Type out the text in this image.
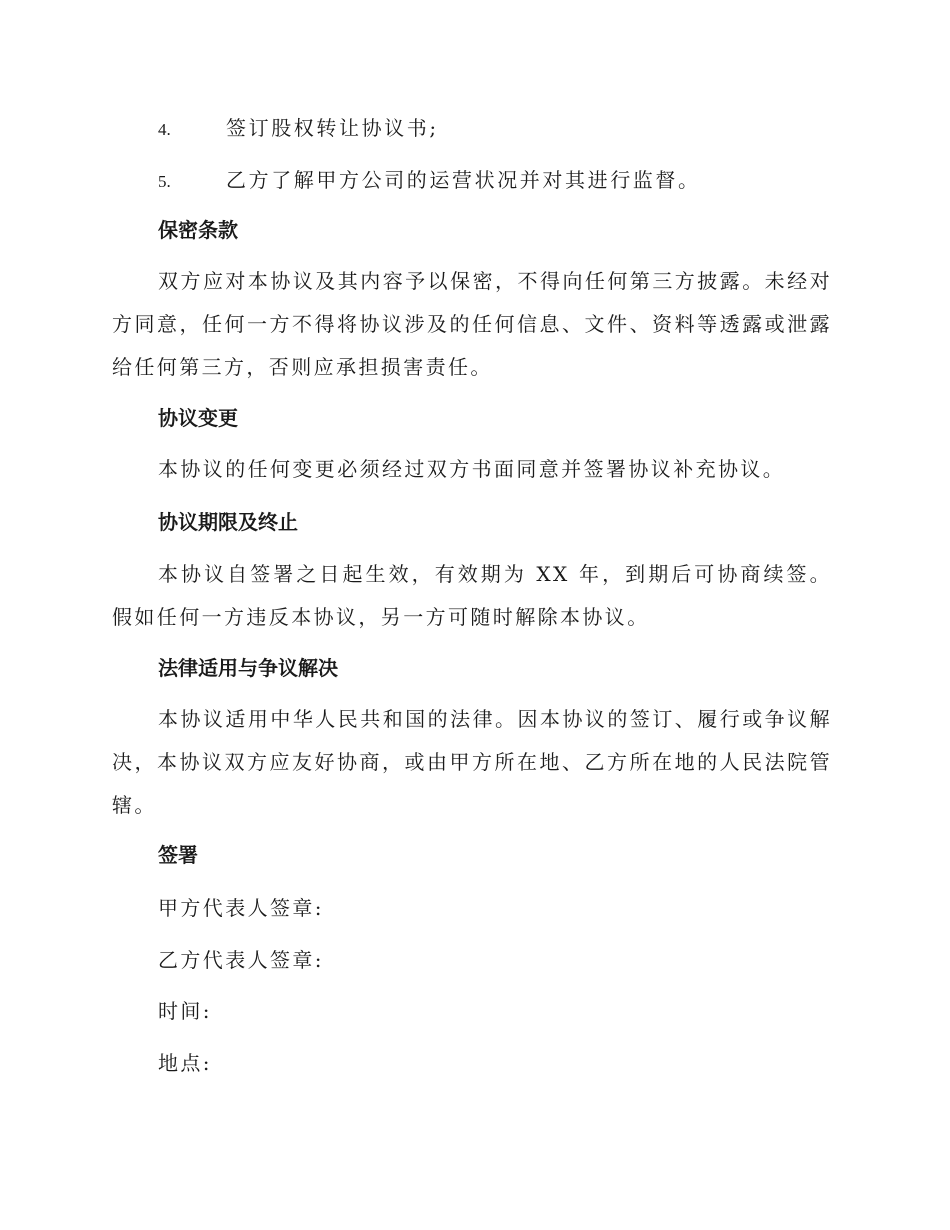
4.	签订股权转让协议书;
5.	乙方了解甲方公司的运营状况并对其进行监督。
保密条款
双方应对本协议及其内容予以保密，不得向任何第三方披露。未经对方同意，任何一方不得将协议涉及的任何信息、文件、资料等透露或泄露给任何第三方，否则应承担损害责任。
协议变更
本协议的任何变更必须经过双方书面同意并签署协议补充协议。
协议期限及终止
本协议自签署之日起生效，有效期为 XX 年，到期后可协商续签。假如任何一方违反本协议，另一方可随时解除本协议。
法律适用与争议解决
本协议适用中华人民共和国的法律。因本协议的签订、履行或争议解决，本协议双方应友好协商，或由甲方所在地、乙方所在地的人民法院管辖。
签署
甲方代表人签章:
乙方代表人签章:
时间:
地点:
